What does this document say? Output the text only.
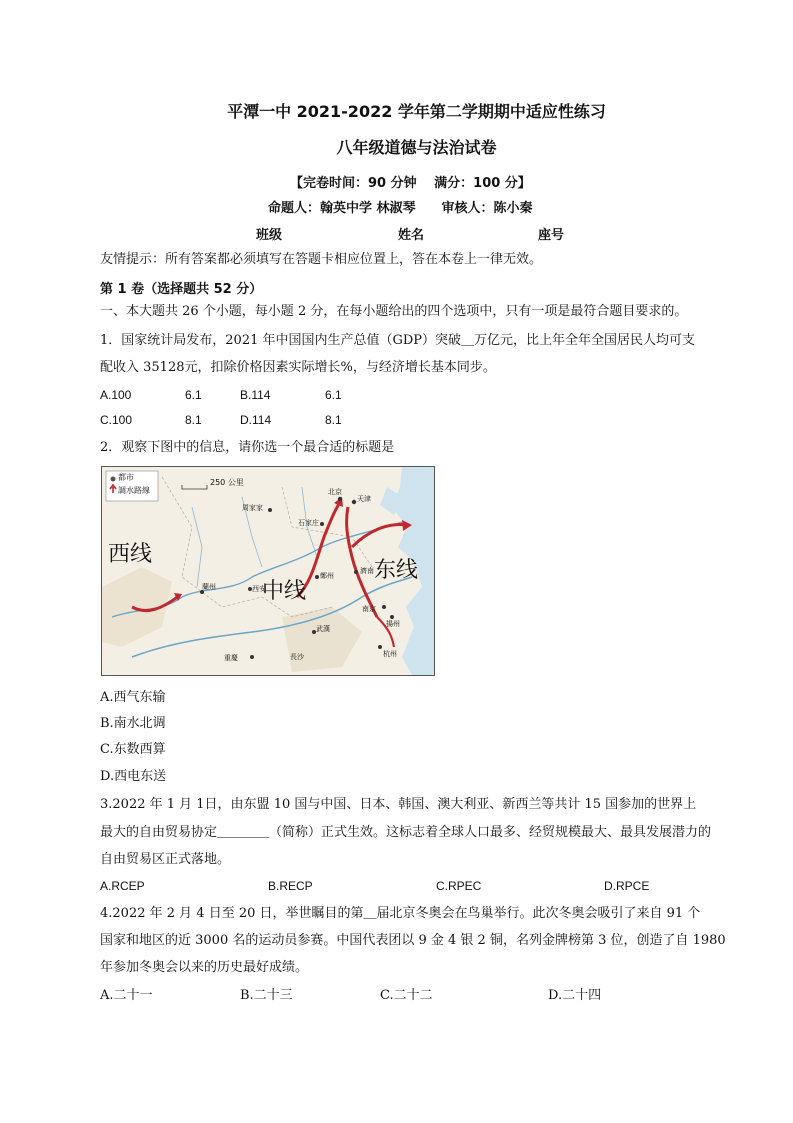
平潭一中 2021-2022 学年第二学期期中适应性练习
八年级道德与法治试卷
【完卷时间：90 分钟　 满分：100 分】
命题人：翰英中学 林淑琴　　审核人：陈小秦
班级	姓名	座号
友情提示：所有答案都必须填写在答题卡相应位置上，答在本卷上一律无效。
第 1 卷（选择题共 52 分）
一、本大题共 26 个小题，每小题 2 分，在每小题给出的四个选项中，只有一项是最符合题目要求的。
1．国家统计局发布，2021 年中国国内生产总值（GDP）突破＿万亿元，比上年全年全国居民人均可支
配收入 35128元，扣除价格因素实际增长%，与经济增长基本同步。
A.100	6.1	B.114	6.1
C.100	8.1	D.114	8.1
2．观察下图中的信息，请你选一个最合适的标题是
都市
調水路線
250 公里
西线
中线
东线
北京
天津
石家庄
周家家
蘭州	西安
武漢
重慶	長沙
南京
揚州
杭州
濟南
鄭州
A.西气东输
B.南水北调
C.东数西算
D.西电东送
3.2022 年 1 月 1日，由东盟 10 国与中国、日本、韩国、澳大利亚、新西兰等共计 15 国参加的世界上
最大的自由贸易协定＿＿＿＿（简称）正式生效。这标志着全球人口最多、经贸规模最大、最具发展潜力的
自由贸易区正式落地。
A.RCEP	B.RECP	C.RPEC	D.RPCE
4.2022 年 2 月 4 日至 20 日，举世瞩目的第＿届北京冬奥会在鸟巢举行。此次冬奥会吸引了来自 91 个
国家和地区的近 3000 名的运动员参赛。中国代表团以 9 金 4 银 2 铜，名列金牌榜第 3 位，创造了自 1980
年参加冬奥会以来的历史最好成绩。
A.二十一	B.二十三	C.二十二	D.二十四
